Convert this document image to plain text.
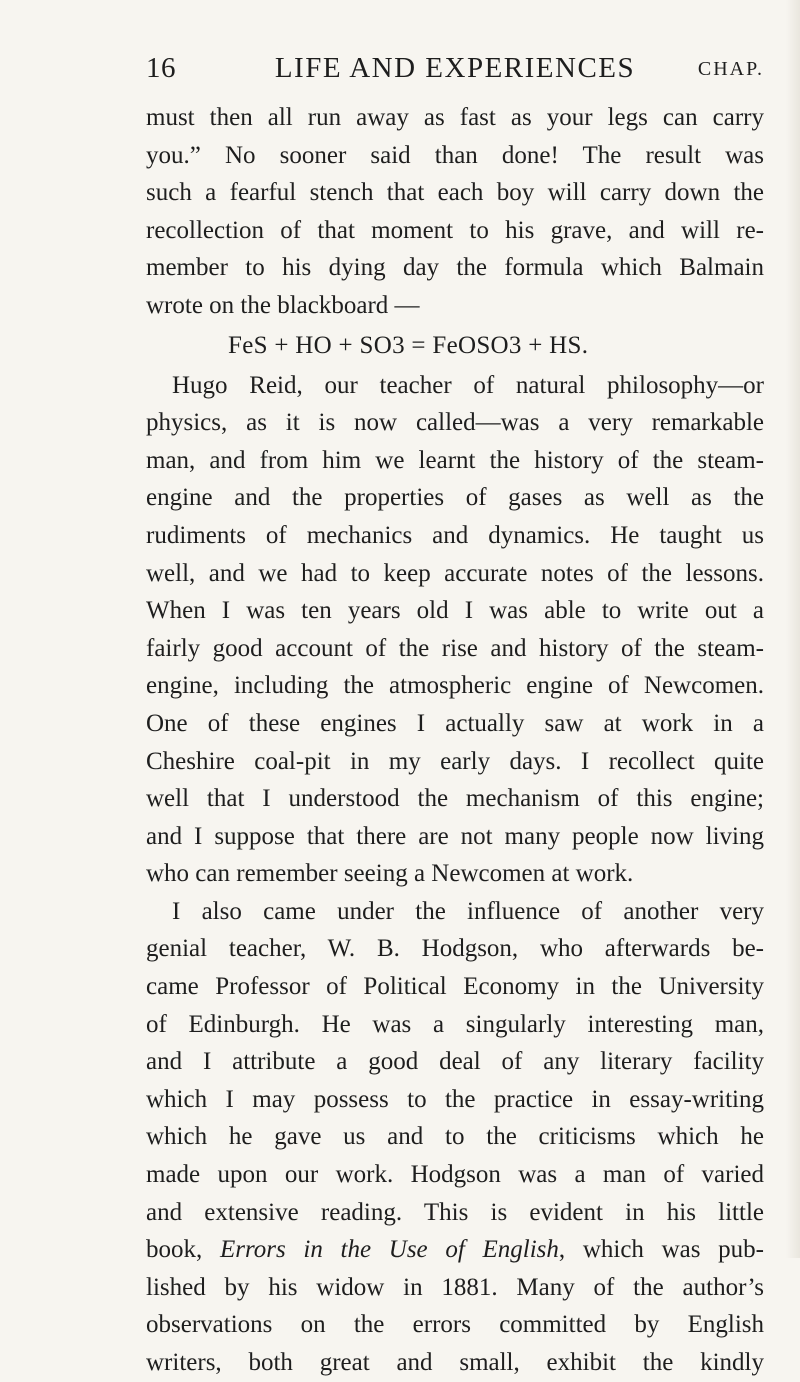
16	LIFE AND EXPERIENCES	CHAP.
must then all run away as fast as your legs can carry
you.” No sooner said than done! The result was
such a fearful stench that each boy will carry down the
recollection of that moment to his grave, and will re-
member to his dying day the formula which Balmain
wrote on the blackboard —
FeS + HO + SO3 = FeOSO3 + HS.
Hugo Reid, our teacher of natural philosophy—or
physics, as it is now called—was a very remarkable
man, and from him we learnt the history of the steam-
engine and the properties of gases as well as the
rudiments of mechanics and dynamics. He taught us
well, and we had to keep accurate notes of the lessons.
When I was ten years old I was able to write out a
fairly good account of the rise and history of the steam-
engine, including the atmospheric engine of Newcomen.
One of these engines I actually saw at work in a
Cheshire coal-pit in my early days. I recollect quite
well that I understood the mechanism of this engine;
and I suppose that there are not many people now living
who can remember seeing a Newcomen at work.
I also came under the influence of another very
genial teacher, W. B. Hodgson, who afterwards be-
came Professor of Political Economy in the University
of Edinburgh. He was a singularly interesting man,
and I attribute a good deal of any literary facility
which I may possess to the practice in essay-writing
which he gave us and to the criticisms which he
made upon our work. Hodgson was a man of varied
and extensive reading. This is evident in his little
book, Errors in the Use of English, which was pub-
lished by his widow in 1881. Many of the author’s
observations on the errors committed by English
writers, both great and small, exhibit the kindly
